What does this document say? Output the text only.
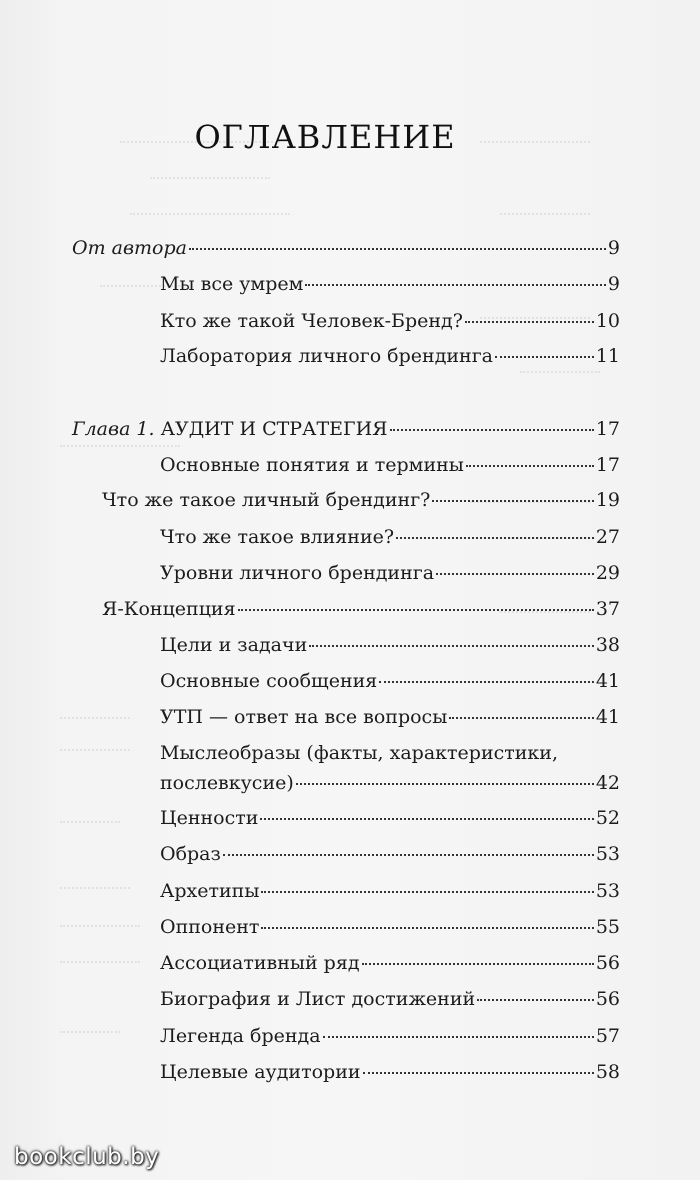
ОГЛАВЛЕНИЕ
От автора	9
Мы все умрем	9
Кто же такой Человек-Бренд?	10
Лаборатория личного брендинга	11
Глава 1. АУДИТ И СТРАТЕГИЯ	17
Основные понятия и термины	17
Что же такое личный брендинг?	19
Что же такое влияние?	27
Уровни личного брендинга	29
Я-Концепция	37
Цели и задачи	38
Основные сообщения	41
УТП — ответ на все вопросы	41
Мыслеобразы (факты, характеристики,
послевкусие)	42
Ценности	52
Образ	53
Архетипы	53
Оппонент	55
Ассоциативный ряд	56
Биография и Лист достижений	56
Легенда бренда	57
Целевые аудитории	58
bookclub.by
